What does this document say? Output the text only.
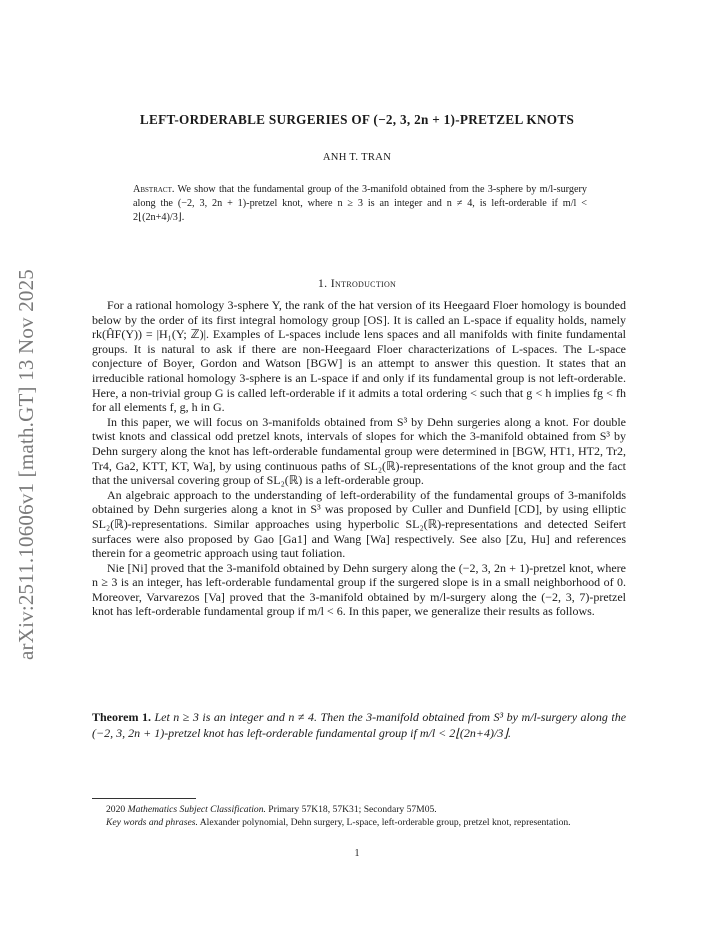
arXiv:2511.10606v1 [math.GT] 13 Nov 2025
LEFT-ORDERABLE SURGERIES OF (−2, 3, 2n + 1)-PRETZEL KNOTS
ANH T. TRAN
Abstract. We show that the fundamental group of the 3-manifold obtained from the 3-sphere by m/l-surgery along the (−2, 3, 2n + 1)-pretzel knot, where n ≥ 3 is an integer and n ≠ 4, is left-orderable if m/l < 2⌊(2n+4)/3⌋.
1. Introduction

For a rational homology 3-sphere Y, the rank of the hat version of its Heegaard Floer homology is bounded below by the order of its first integral homology group [OS]. It is called an L-space if equality holds, namely rk(ĤF(Y)) = |H₁(Y; ℤ)|. Examples of L-spaces include lens spaces and all manifolds with finite fundamental groups. It is natural to ask if there are non-Heegaard Floer characterizations of L-spaces. The L-space conjecture of Boyer, Gordon and Watson [BGW] is an attempt to answer this question. It states that an irreducible rational homology 3-sphere is an L-space if and only if its fundamental group is not left-orderable. Here, a non-trivial group G is called left-orderable if it admits a total ordering < such that g < h implies fg < fh for all elements f, g, h in G.

In this paper, we will focus on 3-manifolds obtained from S³ by Dehn surgeries along a knot. For double twist knots and classical odd pretzel knots, intervals of slopes for which the 3-manifold obtained from S³ by Dehn surgery along the knot has left-orderable fundamental group were determined in [BGW, HT1, HT2, Tr2, Tr4, Ga2, KTT, KT, Wa], by using continuous paths of SL₂(ℝ)-representations of the knot group and the fact that the universal covering group of SL₂(ℝ) is a left-orderable group.

An algebraic approach to the understanding of left-orderability of the fundamental groups of 3-manifolds obtained by Dehn surgeries along a knot in S³ was proposed by Culler and Dunfield [CD], by using elliptic SL₂(ℝ)-representations. Similar approaches using hyperbolic SL₂(ℝ)-representations and detected Seifert surfaces were also proposed by Gao [Ga1] and Wang [Wa] respectively. See also [Zu, Hu] and references therein for a geometric approach using taut foliation.

Nie [Ni] proved that the 3-manifold obtained by Dehn surgery along the (−2, 3, 2n + 1)-pretzel knot, where n ≥ 3 is an integer, has left-orderable fundamental group if the surgered slope is in a small neighborhood of 0. Moreover, Varvarezos [Va] proved that the 3-manifold obtained by m/l-surgery along the (−2, 3, 7)-pretzel knot has left-orderable fundamental group if m/l < 6. In this paper, we generalize their results as follows.

Theorem 1. Let n ≥ 3 is an integer and n ≠ 4. Then the 3-manifold obtained from S³ by m/l-surgery along the (−2, 3, 2n + 1)-pretzel knot has left-orderable fundamental group if m/l < 2⌊(2n+4)/3⌋.

2020 Mathematics Subject Classification. Primary 57K18, 57K31; Secondary 57M05.

Key words and phrases. Alexander polynomial, Dehn surgery, L-space, left-orderable group, pretzel knot, representation.

1
